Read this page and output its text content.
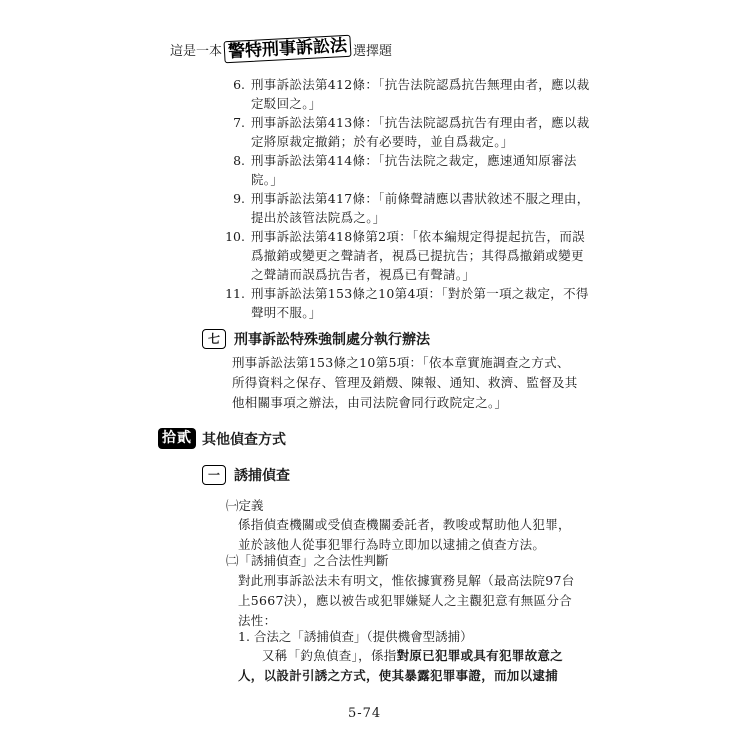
這是一本 警特刑事訴訟法 選擇題
6. 刑事訴訟法第412條：「抗告法院認爲抗告無理由者，應以裁定駁回之。」
7. 刑事訴訟法第413條：「抗告法院認爲抗告有理由者，應以裁定將原裁定撤銷；於有必要時，並自爲裁定。」
8. 刑事訴訟法第414條：「抗告法院之裁定，應速通知原審法院。」
9. 刑事訴訟法第417條：「前條聲請應以書狀敘述不服之理由，提出於該管法院爲之。」
10. 刑事訴訟法第418條第2項：「依本編規定得提起抗告，而誤爲撤銷或變更之聲請者，視爲已提抗告；其得爲撤銷或變更之聲請而誤爲抗告者，視爲已有聲請。」
11. 刑事訴訟法第153條之10第4項：「對於第一項之裁定，不得聲明不服。」
七	刑事訴訟特殊強制處分執行辦法
刑事訴訟法第153條之10第5項：「依本章實施調查之方式、所得資料之保存、管理及銷燬、陳報、通知、救濟、監督及其他相關事項之辦法，由司法院會同行政院定之。」
拾貳 其他偵查方式
一	誘捕偵查
㈠定義
係指偵查機關或受偵查機關委託者，教唆或幫助他人犯罪，並於該他人從事犯罪行為時立即加以逮捕之偵查方法。
㈡「誘捕偵查」之合法性判斷
對此刑事訴訟法未有明文，惟依據實務見解（最高法院97台上5667決），應以被告或犯罪嫌疑人之主觀犯意有無區分合法性：
1. 合法之「誘捕偵查」（提供機會型誘捕）
又稱「釣魚偵查」，係指對原已犯罪或具有犯罪故意之人，以設計引誘之方式，使其暴露犯罪事證，而加以逮捕
5-74
